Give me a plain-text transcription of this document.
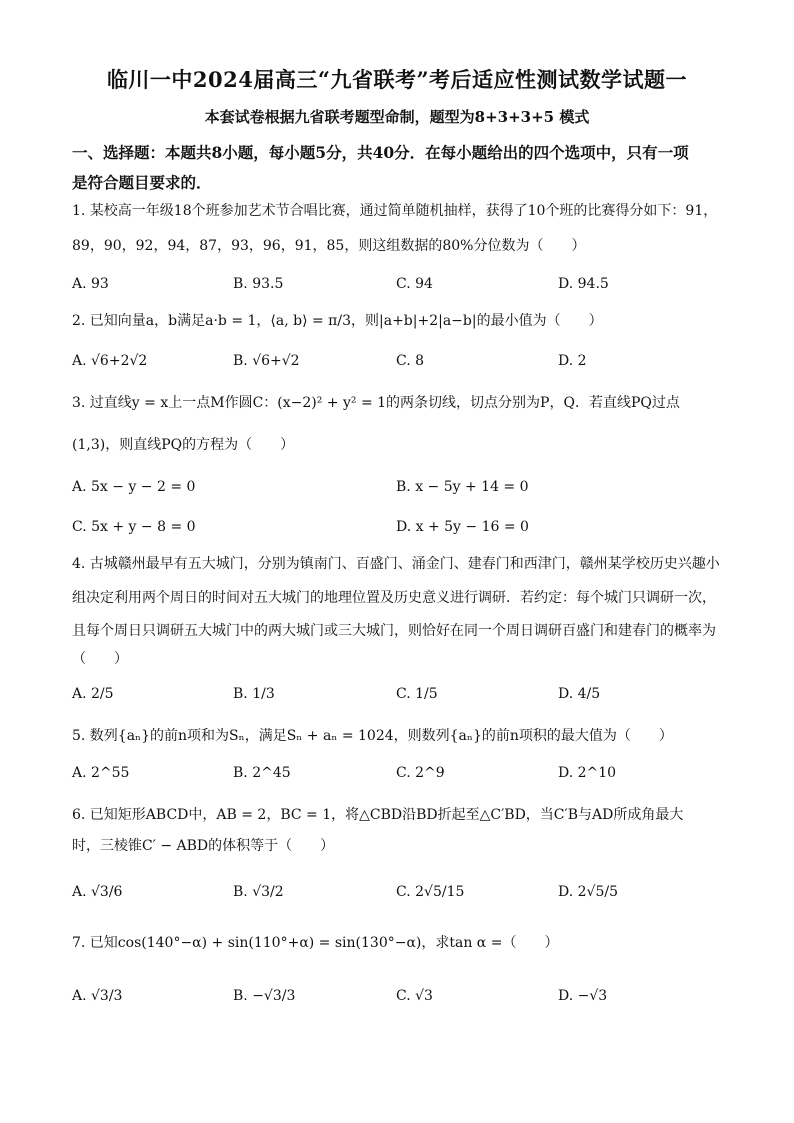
临川一中2024届高三“九省联考”考后适应性测试数学试题一
本套试卷根据九省联考题型命制，题型为8+3+3+5 模式
一、选择题：本题共8小题，每小题5分，共40分．在每小题给出的四个选项中，只有一项
是符合题目要求的．
1. 某校高一年级18个班参加艺术节合唱比赛，通过简单随机抽样，获得了10个班的比赛得分如下：91，
89，90，92，94，87，93，96，91，85，则这组数据的80%分位数为（　　）
A. 93	B. 93.5	C. 94	D. 94.5
2. 已知向量a，b满足a·b = 1，⟨a, b⟩ = π/3，则|a+b|+2|a−b|的最小值为（　　）
A. √6+2√2	B. √6+√2	C. 8	D. 2
3. 过直线y = x上一点M作圆C：(x−2)² + y² = 1的两条切线，切点分别为P，Q．若直线PQ过点
(1,3)，则直线PQ的方程为（　　）
A. 5x − y − 2 = 0	B. x − 5y + 14 = 0
C. 5x + y − 8 = 0	D. x + 5y − 16 = 0
4. 古城赣州最早有五大城门，分别为镇南门、百盛门、涌金门、建春门和西津门，赣州某学校历史兴趣小
组决定利用两个周日的时间对五大城门的地理位置及历史意义进行调研．若约定：每个城门只调研一次，
且每个周日只调研五大城门中的两大城门或三大城门，则恰好在同一个周日调研百盛门和建春门的概率为
（　　）
A. 2/5	B. 1/3	C. 1/5	D. 4/5
5. 数列{aₙ}的前n项和为Sₙ，满足Sₙ + aₙ = 1024，则数列{aₙ}的前n项积的最大值为（　　）
A. 2^55	B. 2^45	C. 2^9	D. 2^10
6. 已知矩形ABCD中，AB = 2，BC = 1，将△CBD沿BD折起至△C′BD，当C′B与AD所成角最大
时，三棱锥C′ − ABD的体积等于（　　）
A. √3/6	B. √3/2	C. 2√5/15	D. 2√5/5
7. 已知cos(140°−α) + sin(110°+α) = sin(130°−α)，求tan α =（　　）
A. √3/3	B. −√3/3	C. √3	D. −√3
